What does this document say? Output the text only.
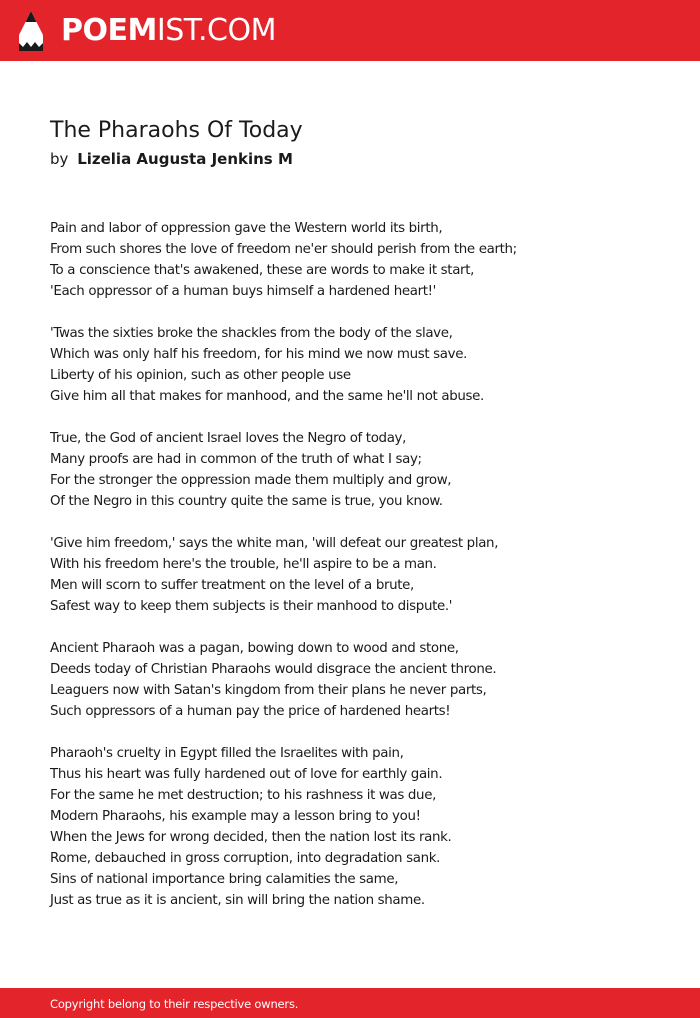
POEMIST.COM
The Pharaohs Of Today
by Lizelia Augusta Jenkins M
Pain and labor of oppression gave the Western world its birth,
From such shores the love of freedom ne'er should perish from the earth;
To a conscience that's awakened, these are words to make it start,
'Each oppressor of a human buys himself a hardened heart!'
'Twas the sixties broke the shackles from the body of the slave,
Which was only half his freedom, for his mind we now must save.
Liberty of his opinion, such as other people use
Give him all that makes for manhood, and the same he'll not abuse.
True, the God of ancient Israel loves the Negro of today,
Many proofs are had in common of the truth of what I say;
For the stronger the oppression made them multiply and grow,
Of the Negro in this country quite the same is true, you know.
'Give him freedom,' says the white man, 'will defeat our greatest plan,
With his freedom here's the trouble, he'll aspire to be a man.
Men will scorn to suffer treatment on the level of a brute,
Safest way to keep them subjects is their manhood to dispute.'
Ancient Pharaoh was a pagan, bowing down to wood and stone,
Deeds today of Christian Pharaohs would disgrace the ancient throne.
Leaguers now with Satan's kingdom from their plans he never parts,
Such oppressors of a human pay the price of hardened hearts!
Pharaoh's cruelty in Egypt filled the Israelites with pain,
Thus his heart was fully hardened out of love for earthly gain.
For the same he met destruction; to his rashness it was due,
Modern Pharaohs, his example may a lesson bring to you!
When the Jews for wrong decided, then the nation lost its rank.
Rome, debauched in gross corruption, into degradation sank.
Sins of national importance bring calamities the same,
Just as true as it is ancient, sin will bring the nation shame.
Copyright belong to their respective owners.
